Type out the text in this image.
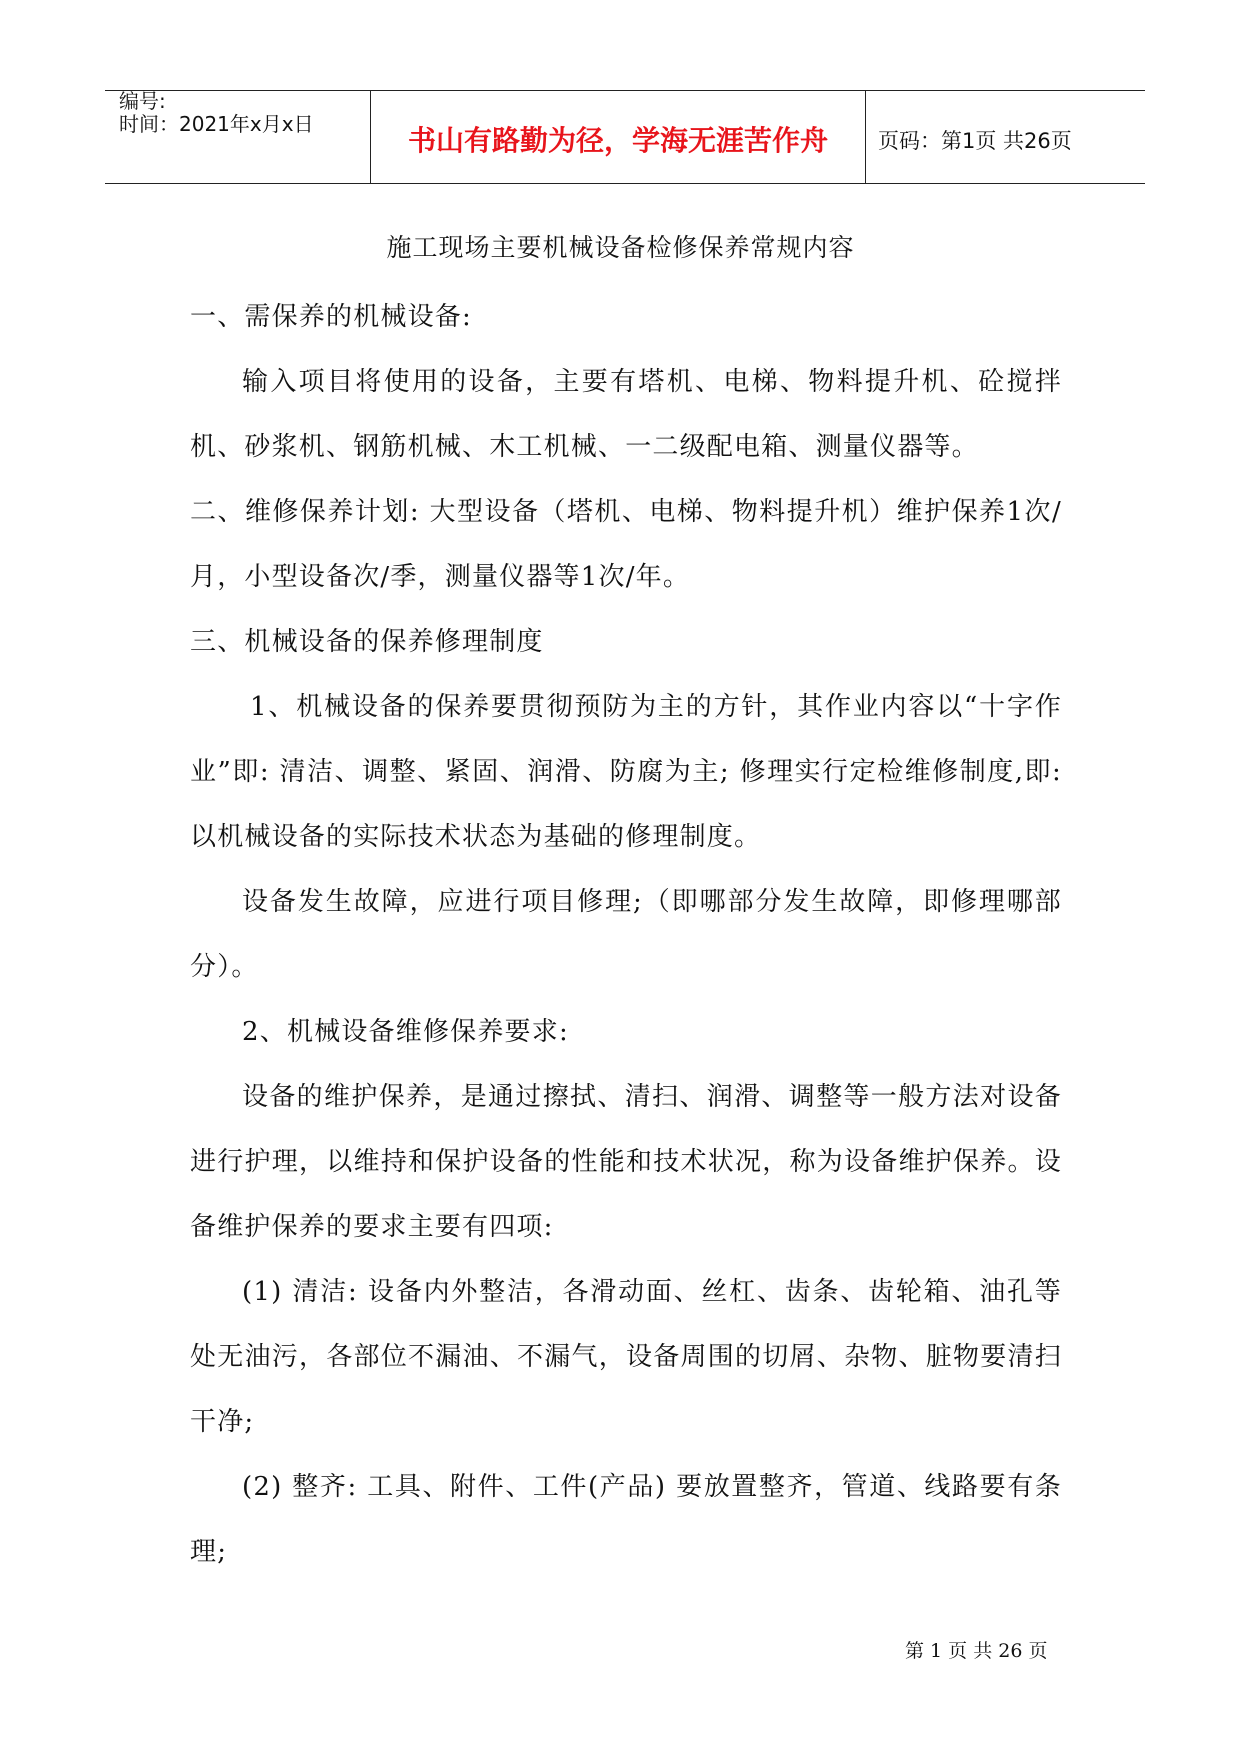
编号:
时间：2021年x月x日	书山有路勤为径，学海无涯苦作舟	页码：第1页 共26页
施工现场主要机械设备检修保养常规内容

一、需保养的机械设备:

输入项目将使用的设备，主要有塔机、电梯、物料提升机、砼搅拌机、砂浆机、钢筋机械、木工机械、一二级配电箱、测量仪器等。

二、维修保养计划: 大型设备（塔机、电梯、物料提升机）维护保养1次/月，小型设备次/季，测量仪器等1次/年。

三、机械设备的保养修理制度

1、机械设备的保养要贯彻预防为主的方针，其作业内容以“十字作业”即: 清洁、调整、紧固、润滑、防腐为主; 修理实行定检维修制度,即: 以机械设备的实际技术状态为基础的修理制度。

设备发生故障，应进行项目修理;（即哪部分发生故障，即修理哪部分）。

2、机械设备维修保养要求:

设备的维护保养，是通过擦拭、清扫、润滑、调整等一般方法对设备进行护理，以维持和保护设备的性能和技术状况，称为设备维护保养。设备维护保养的要求主要有四项:

(1) 清洁: 设备内外整洁，各滑动面、丝杠、齿条、齿轮箱、油孔等处无油污，各部位不漏油、不漏气，设备周围的切屑、杂物、脏物要清扫干净;

(2) 整齐: 工具、附件、工件(产品) 要放置整齐，管道、线路要有条理;

第 1 页 共 26 页
